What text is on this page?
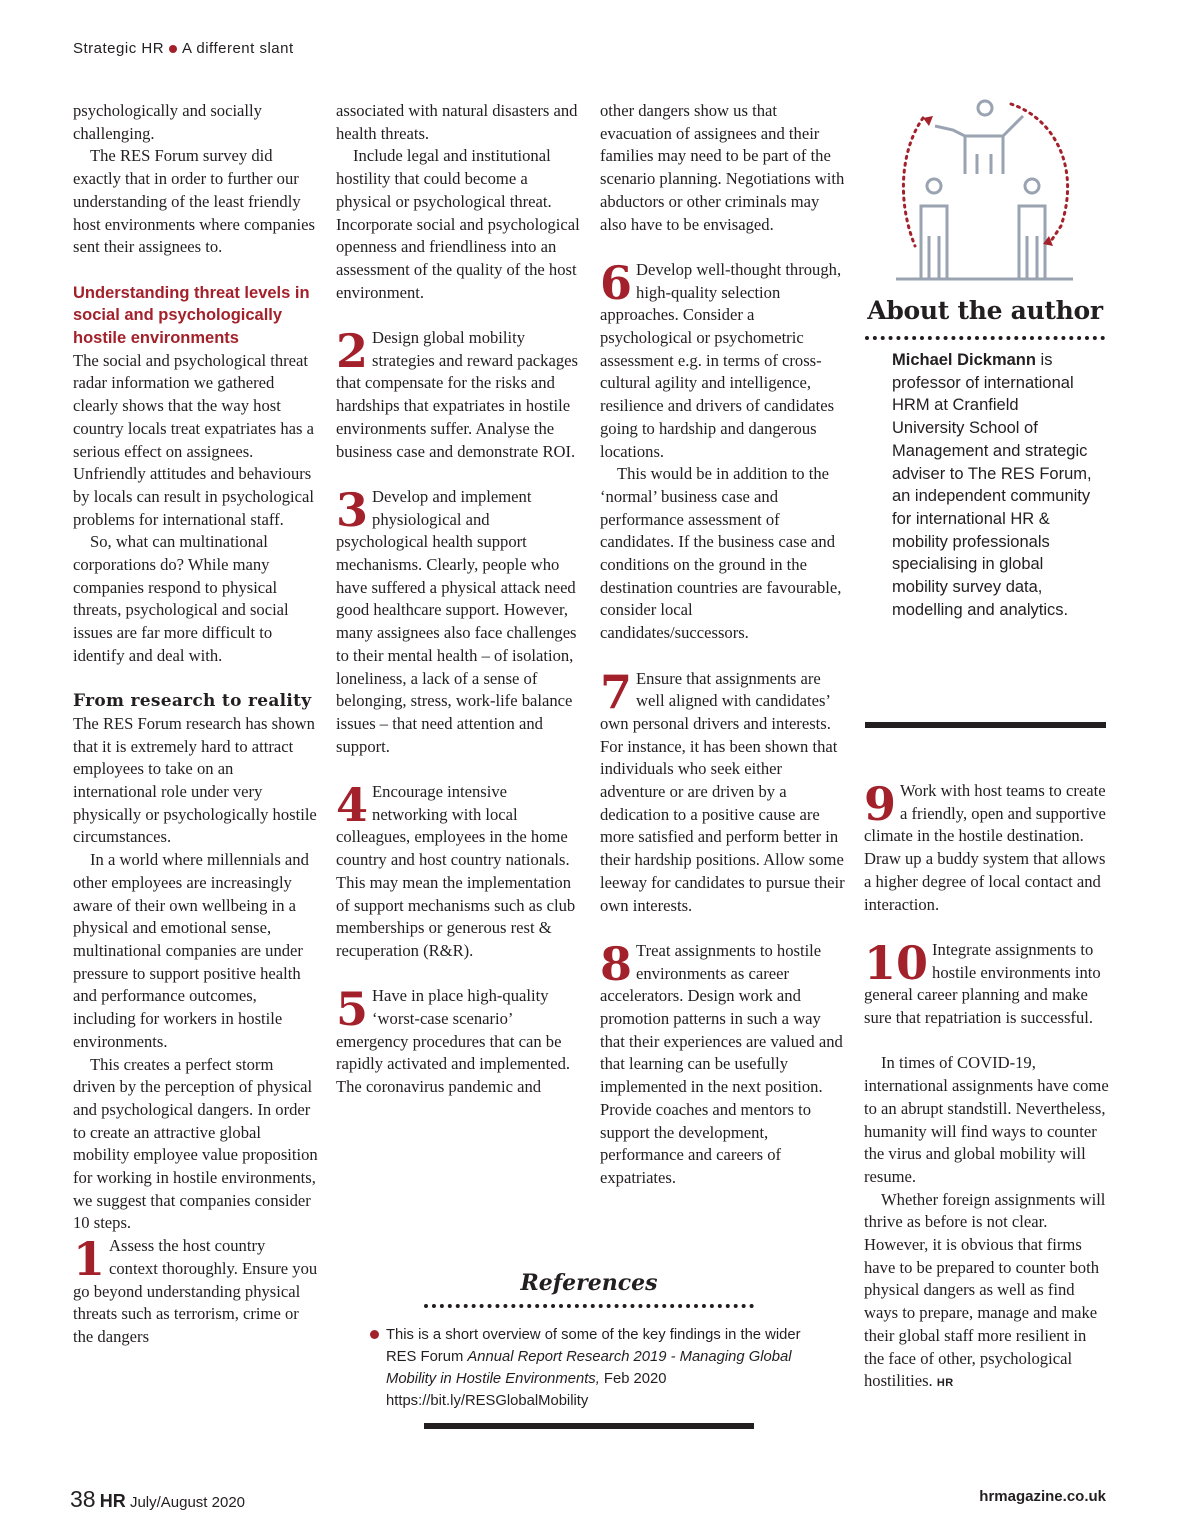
Strategic HR A different slant

psychologically and socially challenging.

The RES Forum survey did exactly that in order to further our understanding of the least friendly host environments where companies sent their assignees to.

Understanding threat levels in social and psychologically hostile environments

The social and psychological threat radar information we gathered clearly shows that the way host country locals treat expatriates has a serious effect on assignees. Unfriendly attitudes and behaviours by locals can result in psychological problems for international staff.

So, what can multinational corporations do? While many companies respond to physical threats, psychological and social issues are far more difficult to identify and deal with.

From research to reality

The RES Forum research has shown that it is extremely hard to attract employees to take on an international role under very physically or psychologically hostile circumstances.

In a world where millennials and other employees are increasingly aware of their own wellbeing in a physical and emotional sense, multinational companies are under pressure to support positive health and performance outcomes, including for workers in hostile environments.

This creates a perfect storm driven by the perception of physical and psychological dangers. In order to create an attractive global mobility employee value proposition for working in hostile environments, we suggest that companies consider 10 steps.

1 Assess the host country context thoroughly. Ensure you go beyond understanding physical threats such as terrorism, crime or the dangers

associated with natural disasters and health threats.

Include legal and institutional hostility that could become a physical or psychological threat. Incorporate social and psychological openness and friendliness into an assessment of the quality of the host environment.

2 Design global mobility strategies and reward packages that compensate for the risks and hardships that expatriates in hostile environments suffer. Analyse the business case and demonstrate ROI.

3 Develop and implement physiological and psychological health support mechanisms. Clearly, people who have suffered a physical attack need good healthcare support. However, many assignees also face challenges to their mental health – of isolation, loneliness, a lack of a sense of belonging, stress, work-life balance issues – that need attention and support.

4 Encourage intensive networking with local colleagues, employees in the home country and host country nationals. This may mean the implementation of support mechanisms such as club memberships or generous rest & recuperation (R&R).

5 Have in place high-quality ‘worst-case scenario’ emergency procedures that can be rapidly activated and implemented. The coronavirus pandemic and

other dangers show us that evacuation of assignees and their families may need to be part of the scenario planning. Negotiations with abductors or other criminals may also have to be envisaged.

6 Develop well-thought through, high-quality selection approaches. Consider a psychological or psychometric assessment e.g. in terms of cross-cultural agility and intelligence, resilience and drivers of candidates going to hardship and dangerous locations.

This would be in addition to the ‘normal’ business case and performance assessment of candidates. If the business case and conditions on the ground in the destination countries are favourable, consider local candidates/successors.

7 Ensure that assignments are well aligned with candidates’ own personal drivers and interests. For instance, it has been shown that individuals who seek either adventure or are driven by a dedication to a positive cause are more satisfied and perform better in their hardship positions. Allow some leeway for candidates to pursue their own interests.

8 Treat assignments to hostile environments as career accelerators. Design work and promotion patterns in such a way that their experiences are valued and that learning can be usefully implemented in the next position. Provide coaches and mentors to support the development, performance and careers of expatriates.

About the author
Michael Dickmann is professor of international HRM at Cranfield University School of Management and strategic adviser to The RES Forum, an independent community for international HR & mobility professionals specialising in global mobility survey data, modelling and analytics.

9 Work with host teams to create a friendly, open and supportive climate in the hostile destination. Draw up a buddy system that allows a higher degree of local contact and interaction.

10 Integrate assignments to hostile environments into general career planning and make sure that repatriation is successful.

In times of COVID-19, international assignments have come to an abrupt standstill. Nevertheless, humanity will find ways to counter the virus and global mobility will resume.

Whether foreign assignments will thrive as before is not clear. However, it is obvious that firms have to be prepared to counter both physical dangers as well as find ways to prepare, manage and make their global staff more resilient in the face of other, psychological hostilities. HR

References
This is a short overview of some of the key findings in the wider RES Forum Annual Report Research 2019 - Managing Global Mobility in Hostile Environments, Feb 2020 https://bit.ly/RESGlobalMobility
38 HR July/August 2020	hrmagazine.co.uk
